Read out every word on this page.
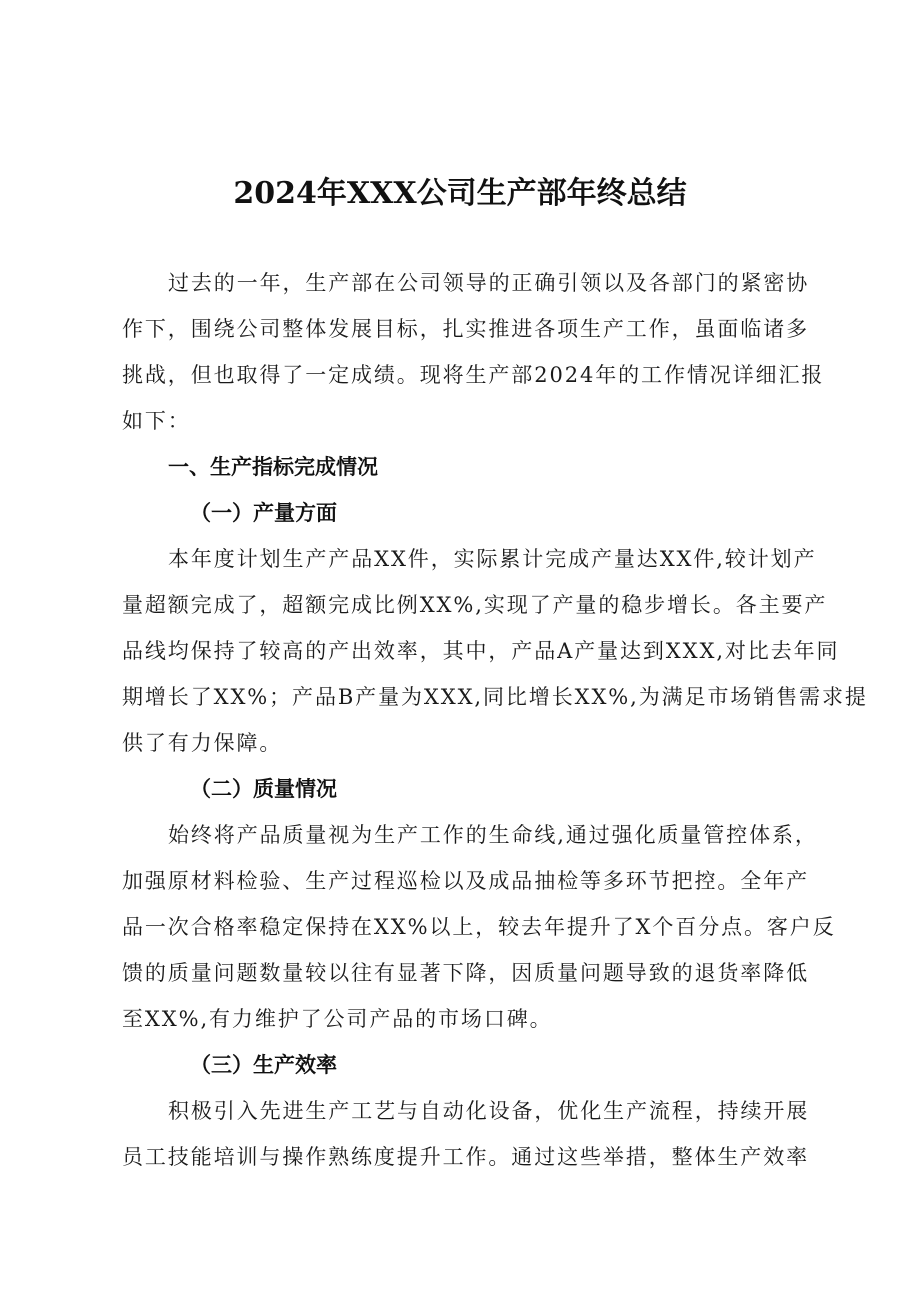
2024年XXX公司生产部年终总结
过去的一年，生产部在公司领导的正确引领以及各部门的紧密协
作下，围绕公司整体发展目标，扎实推进各项生产工作，虽面临诸多
挑战，但也取得了一定成绩。现将生产部2024年的工作情况详细汇报
如下：
一、生产指标完成情况
（一）产量方面
本年度计划生产产品XX件，实际累计完成产量达XX件,较计划产
量超额完成了，超额完成比例XX%,实现了产量的稳步增长。各主要产
品线均保持了较高的产出效率，其中，产品A产量达到XXX,对比去年同
期增长了XX%；产品B产量为XXX,同比增长XX%,为满足市场销售需求提
供了有力保障。
（二）质量情况
始终将产品质量视为生产工作的生命线,通过强化质量管控体系，
加强原材料检验、生产过程巡检以及成品抽检等多环节把控。全年产
品一次合格率稳定保持在XX%以上，较去年提升了X个百分点。客户反
馈的质量问题数量较以往有显著下降，因质量问题导致的退货率降低
至XX%,有力维护了公司产品的市场口碑。
（三）生产效率
积极引入先进生产工艺与自动化设备，优化生产流程，持续开展
员工技能培训与操作熟练度提升工作。通过这些举措，整体生产效率
